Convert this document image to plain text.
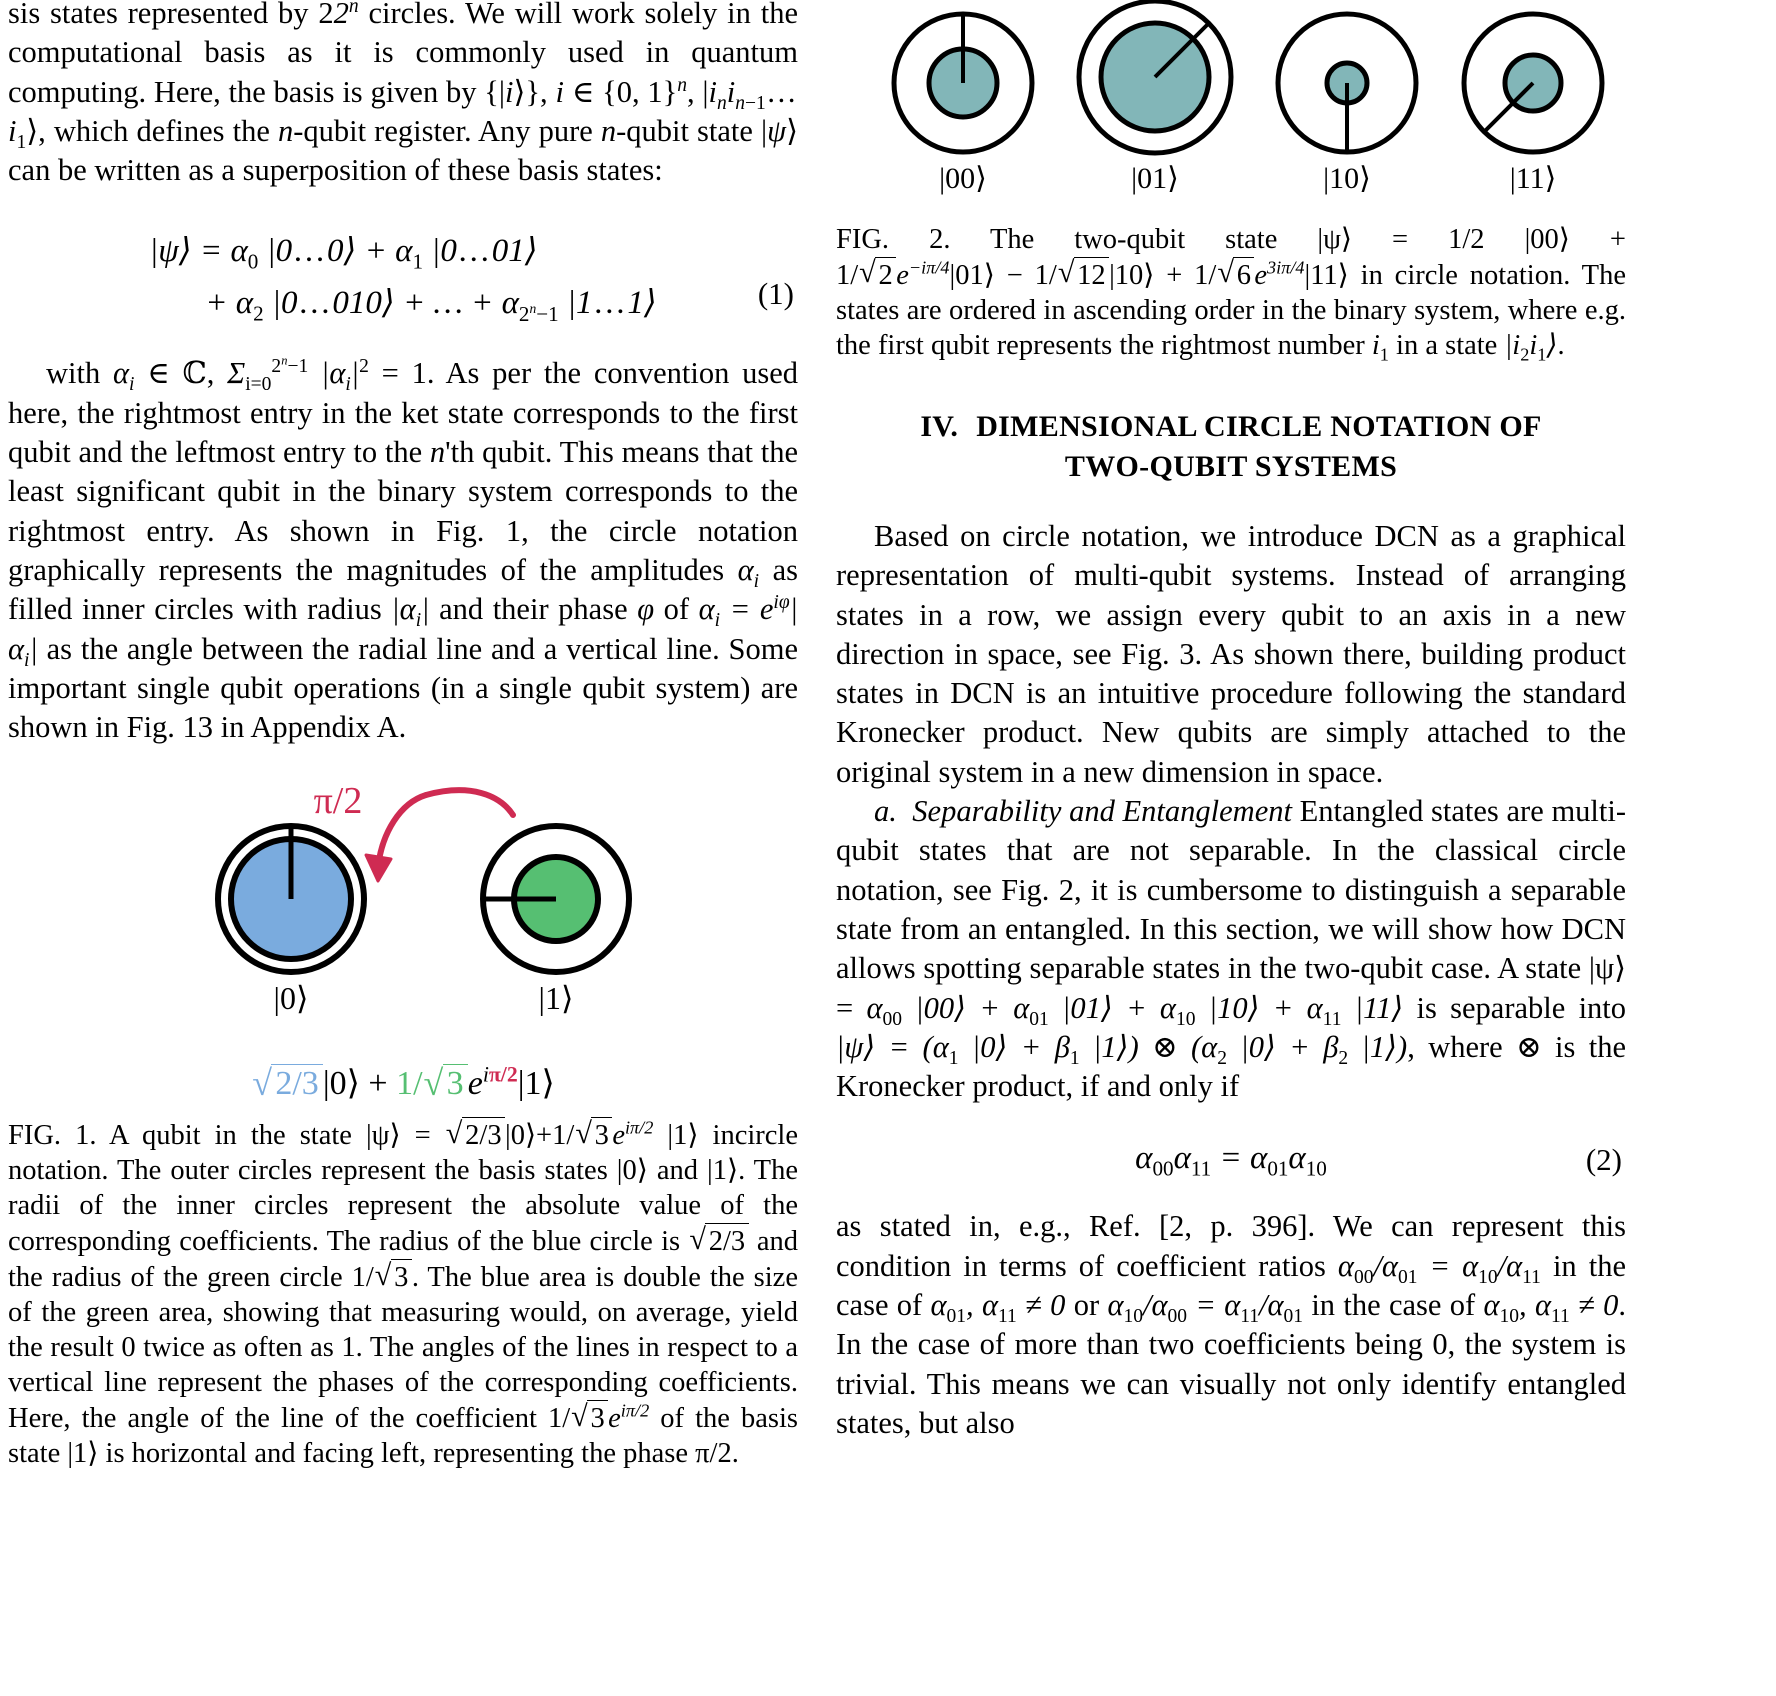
sis states represented by 22$^n$ circles. We will work solely in the computational basis as it is commonly used in quantum computing. Here, the basis is given by {|i⟩}, i ∈ {0, 1}$^n$, $|i_ni_{n-1}$ … $i_1⟩$, which defines the n-qubit register. Any pure n-qubit state |ψ⟩ can be written as a superposition of these basis states:

|ψ⟩ = $\alpha_0$ |0 … 0⟩ + $\alpha_1$ |0 … 01⟩
+ $\alpha_2$ |0 … 010⟩ + … + $\alpha_{2^n-1}$ |1 … 1⟩	(1)

with $\alpha_i$ ∈ ℂ, $\Sigma_{i=0}^{2^n-1}$ $|\alpha_i|^2 = 1$. As per the convention used here, the rightmost entry in the ket state corresponds to the first qubit and the leftmost entry to the n'th qubit. This means that the least significant qubit in the binary system corresponds to the rightmost entry. As shown in Fig. 1, the circle notation graphically represents the magnitudes of the amplitudes $\alpha_i$ as filled inner circles with radius $|\alpha_i|$ and their phase φ of $\alpha_i = e^{i\varphi}|\alpha_i|$ as the angle between the radial line and a vertical line. Some important single qubit operations (in a single qubit system) are shown in Fig. 13 in Appendix A.

π/2
|0⟩	|1⟩
√ 2/3 |0⟩ + 1/ √ 3 $e^{i\pi/2}|1⟩$

FIG. 1. A qubit in the state |ψ⟩ = √ 2/3 |0⟩+1/ √ 3 $e^{i\pi/2}$ |1⟩ incircle notation. The outer circles represent the basis states |0⟩ and |1⟩. The radii of the inner circles represent the absolute value of the corresponding coefficients. The radius of the blue circle is √ 2/3 and the radius of the green circle 1/ √ 3 . The blue area is double the size of the green area, showing that measuring would, on average, yield the result 0 twice as often as 1. The angles of the lines in respect to a vertical line represent the phases of the corresponding coefficients. Here, the angle of the line of the coefficient 1/ √ 3 $e^{i\pi/2}$ of the basis state |1⟩ is horizontal and facing left, representing the phase π/2.

|00⟩	|01⟩	|10⟩	|11⟩

FIG. 2. The two-qubit state |ψ⟩ = 1/2 |00⟩ + 1/ √ 2 $e^{-i\pi/4}|01⟩ - 1/$ √ 12 |10⟩ + 1/ √ 6 $e^{3i\pi/4}|11⟩$ in circle notation. The states are ordered in ascending order in the binary system, where e.g. the first qubit represents the rightmost number $i_1$ in a state $|i_2i_1⟩$.

IV. DIMENSIONAL CIRCLE NOTATION OF
TWO-QUBIT SYSTEMS

Based on circle notation, we introduce DCN as a graphical representation of multi-qubit systems. Instead of arranging states in a row, we assign every qubit to an axis in a new direction in space, see Fig. 3. As shown there, building product states in DCN is an intuitive procedure following the standard Kronecker product. New qubits are simply attached to the original system in a new dimension in space.

a. Separability and Entanglement Entangled states are multi-qubit states that are not separable. In the classical circle notation, see Fig. 2, it is cumbersome to distinguish a separable state from an entangled. In this section, we will show how DCN allows spotting separable states in the two-qubit case. A state |ψ⟩ = $\alpha_{00}$ |00⟩ + $\alpha_{01}$ |01⟩ + $\alpha_{10}$ |10⟩ + $\alpha_{11}$ |11⟩ is separable into |ψ⟩ = ($\alpha_1$ |0⟩ + $\beta_1$ |1⟩) ⊗ ($\alpha_2$ |0⟩ + $\beta_2$ |1⟩), where ⊗ is the Kronecker product, if and only if

$\alpha_{00}\alpha_{11} = \alpha_{01}\alpha_{10}$	(2)

as stated in, e.g., Ref. [2, p. 396]. We can represent this condition in terms of coefficient ratios $\alpha_{00}/\alpha_{01} = \alpha_{10}/\alpha_{11}$ in the case of $\alpha_{01}$, $\alpha_{11} \ne 0$ or $\alpha_{10}/\alpha_{00} = \alpha_{11}/\alpha_{01}$ in the case of $\alpha_{10}$, $\alpha_{11} \ne 0$. In the case of more than two coefficients being 0, the system is trivial. This means we can visually not only identify entangled states, but also
